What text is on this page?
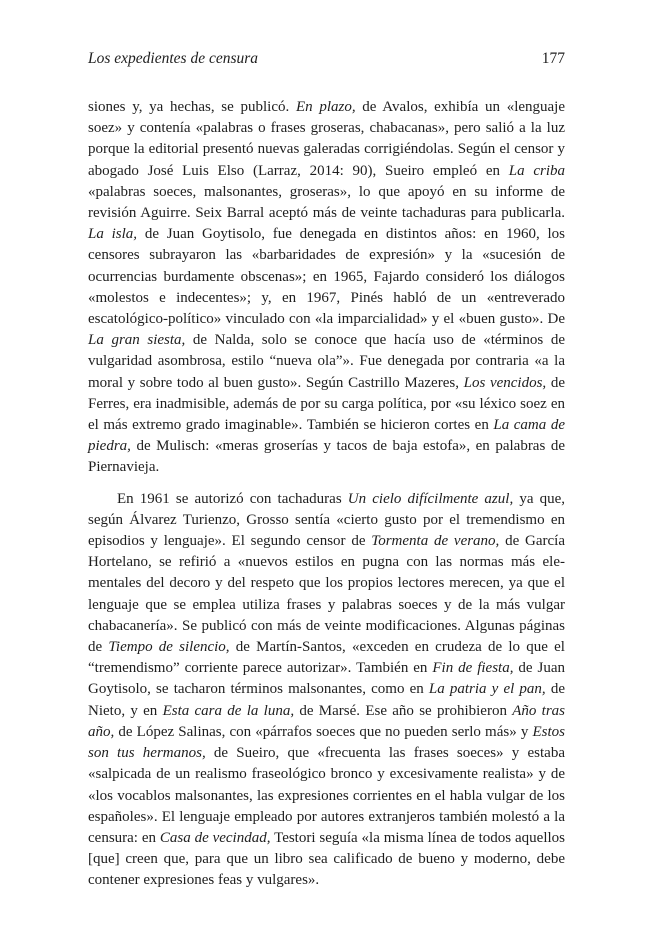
Los expedientes de censura	177

siones y, ya hechas, se publicó. En plazo, de Avalos, exhibía un «lenguaje soez» y contenía «palabras o frases groseras, chabacanas», pero salió a la luz porque la editorial presentó nuevas galeradas corrigiéndolas. Según el censor y abogado José Luis Elso (Larraz, 2014: 90), Sueiro empleó en La criba «palabras soeces, malsonantes, groseras», lo que apoyó en su informe de revisión Aguirre. Seix Barral aceptó más de veinte tachaduras para publicarla. La isla, de Juan Goytisolo, fue denegada en distintos años: en 1960, los censores subrayaron las «barbaridades de expresión» y la «sucesión de ocurrencias burdamente obscenas»; en 1965, Fajardo consideró los diálogos «molestos e indecentes»; y, en 1967, Pinés habló de un «entreverado escatológico-político» vinculado con «la imparcialidad» y el «buen gusto». De La gran siesta, de Nalda, solo se conoce que hacía uso de «términos de vulgaridad asombrosa, estilo “nueva ola”». Fue denegada por contraria «a la moral y sobre todo al buen gusto». Según Castrillo Mazeres, Los vencidos, de Ferres, era inadmisible, además de por su carga política, por «su léxico soez en el más extremo grado imaginable». También se hicieron cortes en La cama de piedra, de Mulisch: «meras groserías y tacos de baja estofa», en palabras de Piernavieja.

En 1961 se autorizó con tachaduras Un cielo difícilmente azul, ya que, según Álvarez Turienzo, Grosso sentía «cierto gusto por el tremendismo en episodios y lenguaje». El segundo censor de Tormenta de verano, de García Hortelano, se refirió a «nuevos estilos en pugna con las normas más elementales del decoro y del respeto que los propios lectores merecen, ya que el lenguaje que se emplea utiliza frases y palabras soeces y de la más vulgar chabacanería». Se publicó con más de veinte modificaciones. Algunas páginas de Tiempo de silencio, de Martín-Santos, «exceden en crudeza de lo que el “tremendismo” corriente parece autorizar». También en Fin de fiesta, de Juan Goytisolo, se tacharon términos malsonantes, como en La patria y el pan, de Nieto, y en Esta cara de la luna, de Marsé. Ese año se prohibieron Año tras año, de López Salinas, con «párrafos soeces que no pueden serlo más» y Estos son tus hermanos, de Sueiro, que «frecuenta las frases soeces» y estaba «salpicada de un realismo fraseológico bronco y excesivamente realista» y de «los vocablos malsonantes, las expresiones corrientes en el habla vulgar de los españoles». El lenguaje empleado por autores extranjeros también molestó a la censura: en Casa de vecindad, Testori seguía «la misma línea de todos aquellos [que] creen que, para que un libro sea calificado de bueno y moderno, debe contener expresiones feas y vulgares».
